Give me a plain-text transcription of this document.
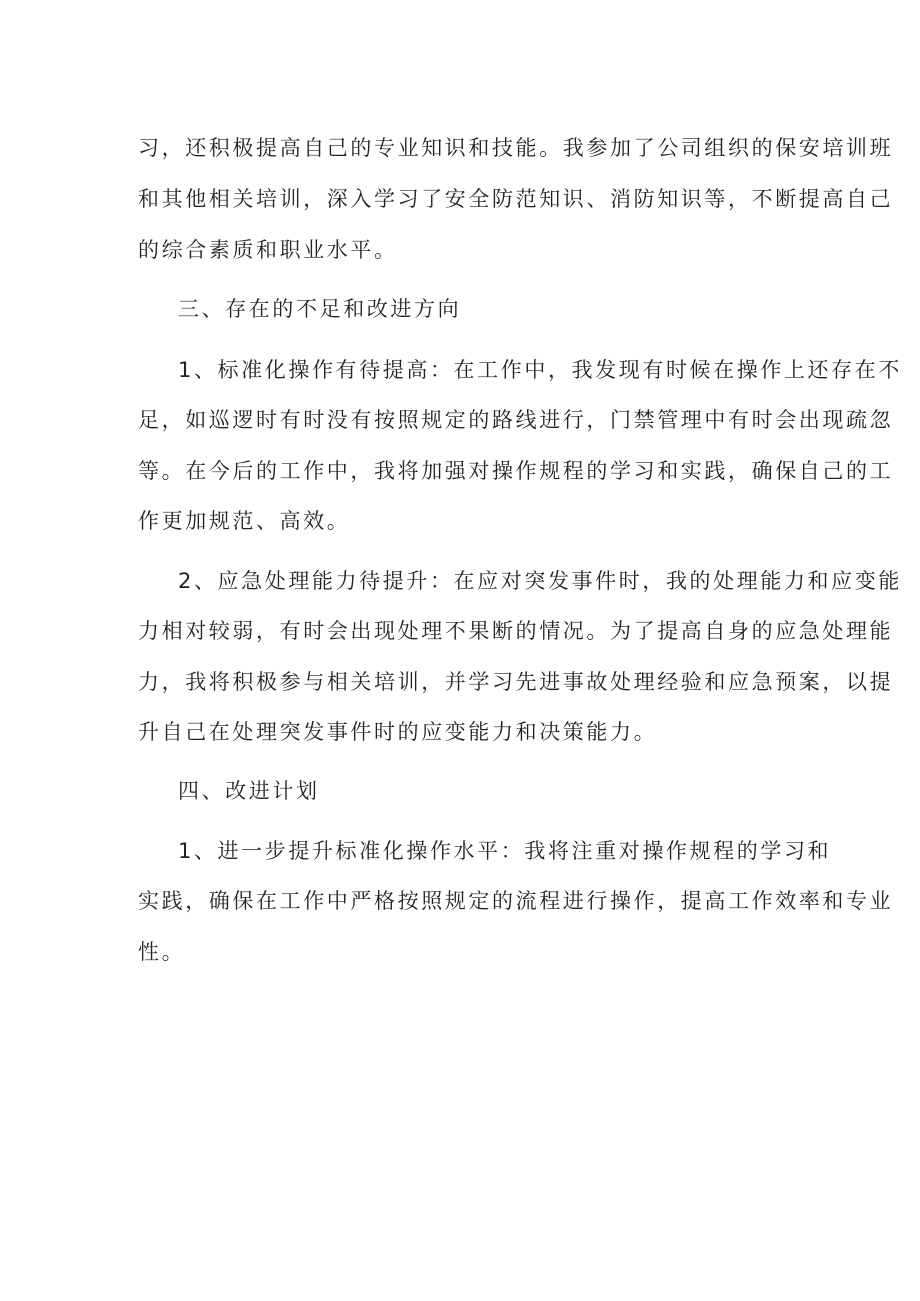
习，还积极提高自己的专业知识和技能。我参加了公司组织的保安培训班

和其他相关培训，深入学习了安全防范知识、消防知识等，不断提高自己

的综合素质和职业水平。

三、存在的不足和改进方向

1、标准化操作有待提高：在工作中，我发现有时候在操作上还存在不

足，如巡逻时有时没有按照规定的路线进行，门禁管理中有时会出现疏忽

等。在今后的工作中，我将加强对操作规程的学习和实践，确保自己的工

作更加规范、高效。

2、应急处理能力待提升：在应对突发事件时，我的处理能力和应变能

力相对较弱，有时会出现处理不果断的情况。为了提高自身的应急处理能

力，我将积极参与相关培训，并学习先进事故处理经验和应急预案，以提

升自己在处理突发事件时的应变能力和决策能力。

四、改进计划

1、进一步提升标准化操作水平：我将注重对操作规程的学习和

实践，确保在工作中严格按照规定的流程进行操作，提高工作效率和专业

性。
